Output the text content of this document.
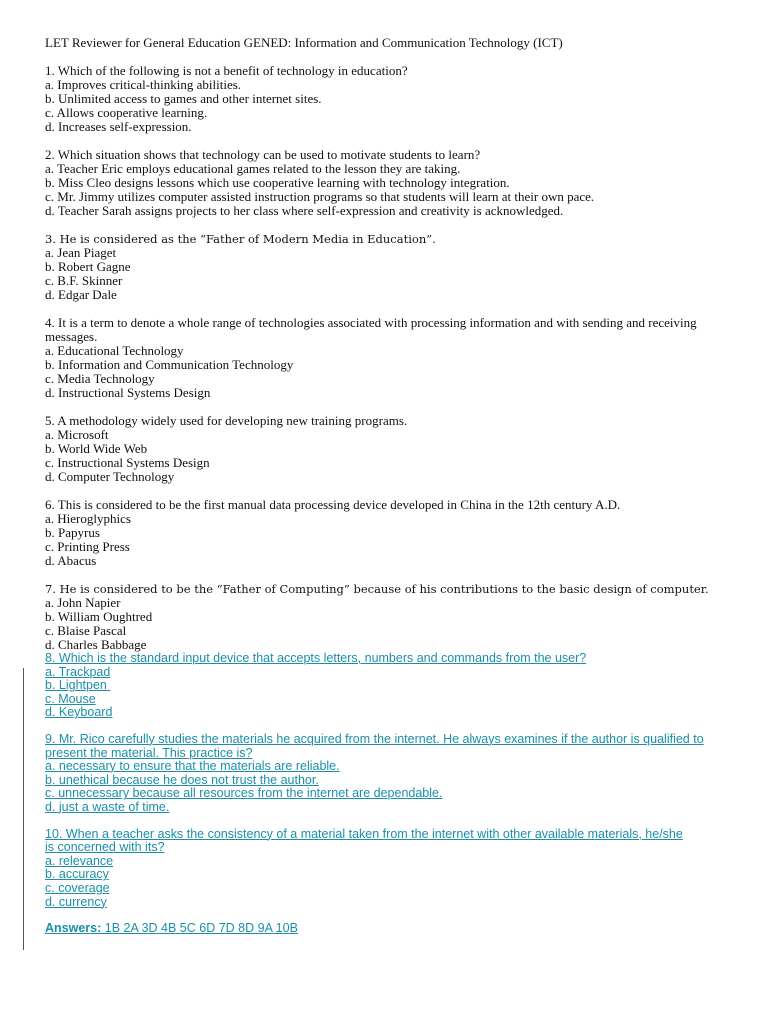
LET Reviewer for General Education GENED: Information and Communication Technology (ICT)
1. Which of the following is not a benefit of technology in education?
a. Improves critical-thinking abilities.
b. Unlimited access to games and other internet sites.
c. Allows cooperative learning.
d. Increases self-expression.
2. Which situation shows that technology can be used to motivate students to learn?
a. Teacher Eric employs educational games related to the lesson they are taking.
b. Miss Cleo designs lessons which use cooperative learning with technology integration.
c. Mr. Jimmy utilizes computer assisted instruction programs so that students will learn at their own pace.
d. Teacher Sarah assigns projects to her class where self-expression and creativity is acknowledged.
3. He is considered as the “Father of Modern Media in Education”.
a. Jean Piaget
b. Robert Gagne
c. B.F. Skinner
d. Edgar Dale
4. It is a term to denote a whole range of technologies associated with processing information and with sending and receiving messages.
a. Educational Technology
b. Information and Communication Technology
c. Media Technology
d. Instructional Systems Design
5. A methodology widely used for developing new training programs.
a. Microsoft
b. World Wide Web
c. Instructional Systems Design
d. Computer Technology
6. This is considered to be the first manual data processing device developed in China in the 12th century A.D.
a. Hieroglyphics
b. Papyrus
c. Printing Press
d. Abacus
7. He is considered to be the “Father of Computing” because of his contributions to the basic design of computer.
a. John Napier
b. William Oughtred
c. Blaise Pascal
d. Charles Babbage
8. Which is the standard input device that accepts letters, numbers and commands from the user?
a. Trackpad
b. Lightpen
c. Mouse
d. Keyboard
9. Mr. Rico carefully studies the materials he acquired from the internet. He always examines if the author is qualified to present the material. This practice is?
a. necessary to ensure that the materials are reliable.
b. unethical because he does not trust the author.
c. unnecessary because all resources from the internet are dependable.
d. just a waste of time.
10. When a teacher asks the consistency of a material taken from the internet with other available materials, he/she is concerned with its?
a. relevance
b. accuracy
c. coverage
d. currency
Answers: 1B 2A 3D 4B 5C 6D 7D 8D 9A 10B
